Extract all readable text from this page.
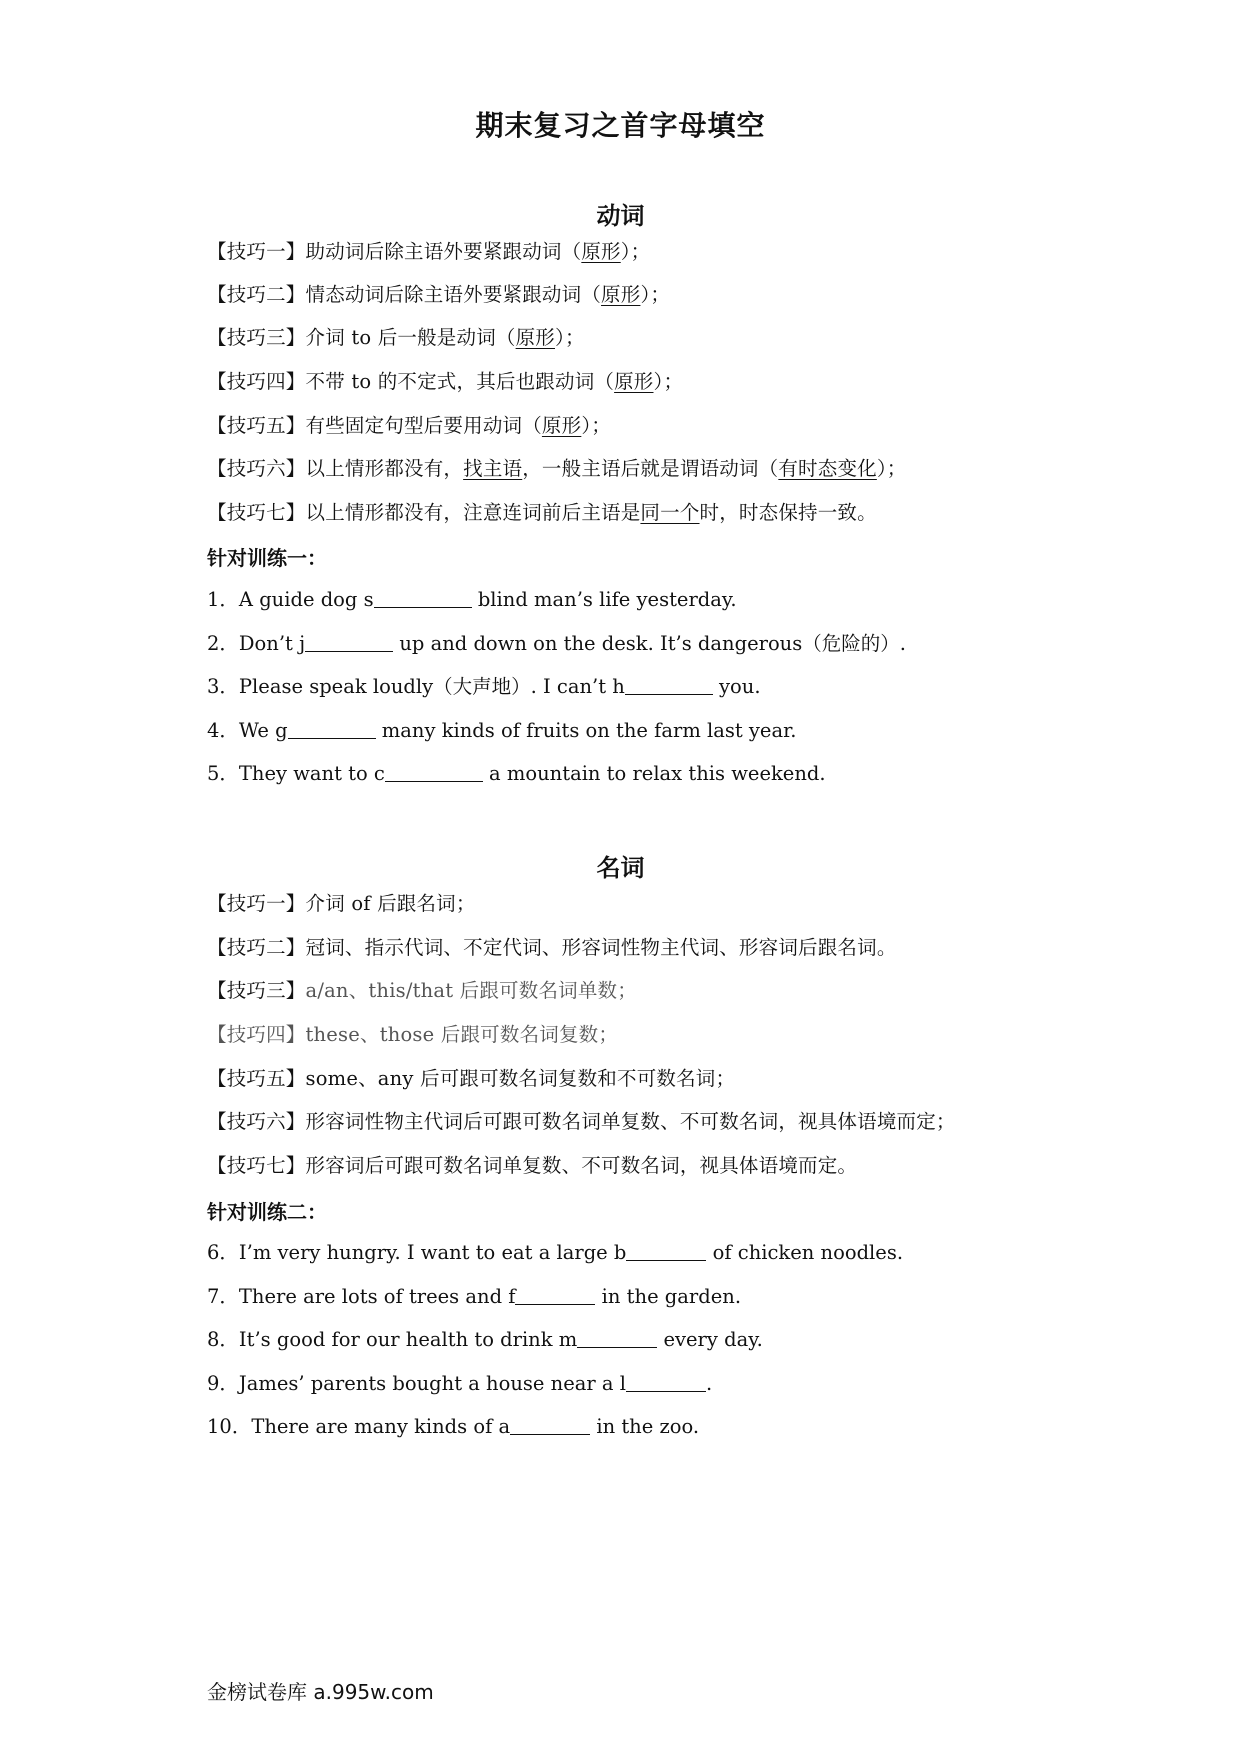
期末复习之首字母填空
动词
【技巧一】助动词后除主语外要紧跟动词（原形）；
【技巧二】情态动词后除主语外要紧跟动词（原形）；
【技巧三】介词 to 后一般是动词（原形）；
【技巧四】不带 to 的不定式，其后也跟动词（原形）；
【技巧五】有些固定句型后要用动词（原形）；
【技巧六】以上情形都没有，找主语，一般主语后就是谓语动词（有时态变化）；
【技巧七】以上情形都没有，注意连词前后主语是同一个时，时态保持一致。
针对训练一：
1．A guide dog s	blind man’s life yesterday.
2．Don’t j	up and down on the desk. It’s dangerous（危险的）.
3．Please speak loudly（大声地）. I can’t h	you.
4．We g	many kinds of fruits on the farm last year.
5．They want to c	a mountain to relax this weekend.
名词
【技巧一】介词 of 后跟名词；
【技巧二】冠词、指示代词、不定代词、形容词性物主代词、形容词后跟名词。
【技巧三】a/an、this/that 后跟可数名词单数；
【技巧四】these、those 后跟可数名词复数；
【技巧五】some、any 后可跟可数名词复数和不可数名词；
【技巧六】形容词性物主代词后可跟可数名词单复数、不可数名词，视具体语境而定；
【技巧七】形容词后可跟可数名词单复数、不可数名词，视具体语境而定。
针对训练二：
6．I’m very hungry. I want to eat a large b	of chicken noodles.
7．There are lots of trees and f	in the garden.
8．It’s good for our health to drink m	every day.
9．James’ parents bought a house near a l	.
10．There are many kinds of a	in the zoo.
金榜试卷库 a.995w.com
